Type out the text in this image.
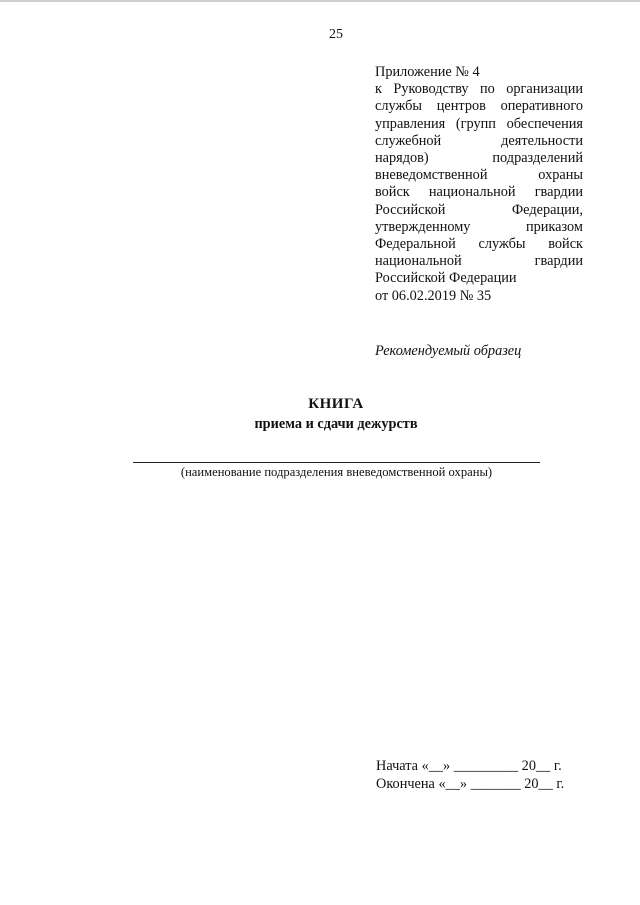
25
Приложение № 4
к Руководству по организации
службы центров оперативного
управления (групп обеспечения
служебной деятельности
нарядов) подразделений
вневедомственной охраны
войск национальной гвардии
Российской Федерации,
утвержденному приказом
Федеральной службы войск
национальной гвардии
Российской Федерации
от 06.02.2019 № 35
Рекомендуемый образец
КНИГА
приема и сдачи дежурств
(наименование подразделения вневедомственной охраны)
Начата «__» _________ 20__ г.
Окончена «__» _______ 20__ г.
